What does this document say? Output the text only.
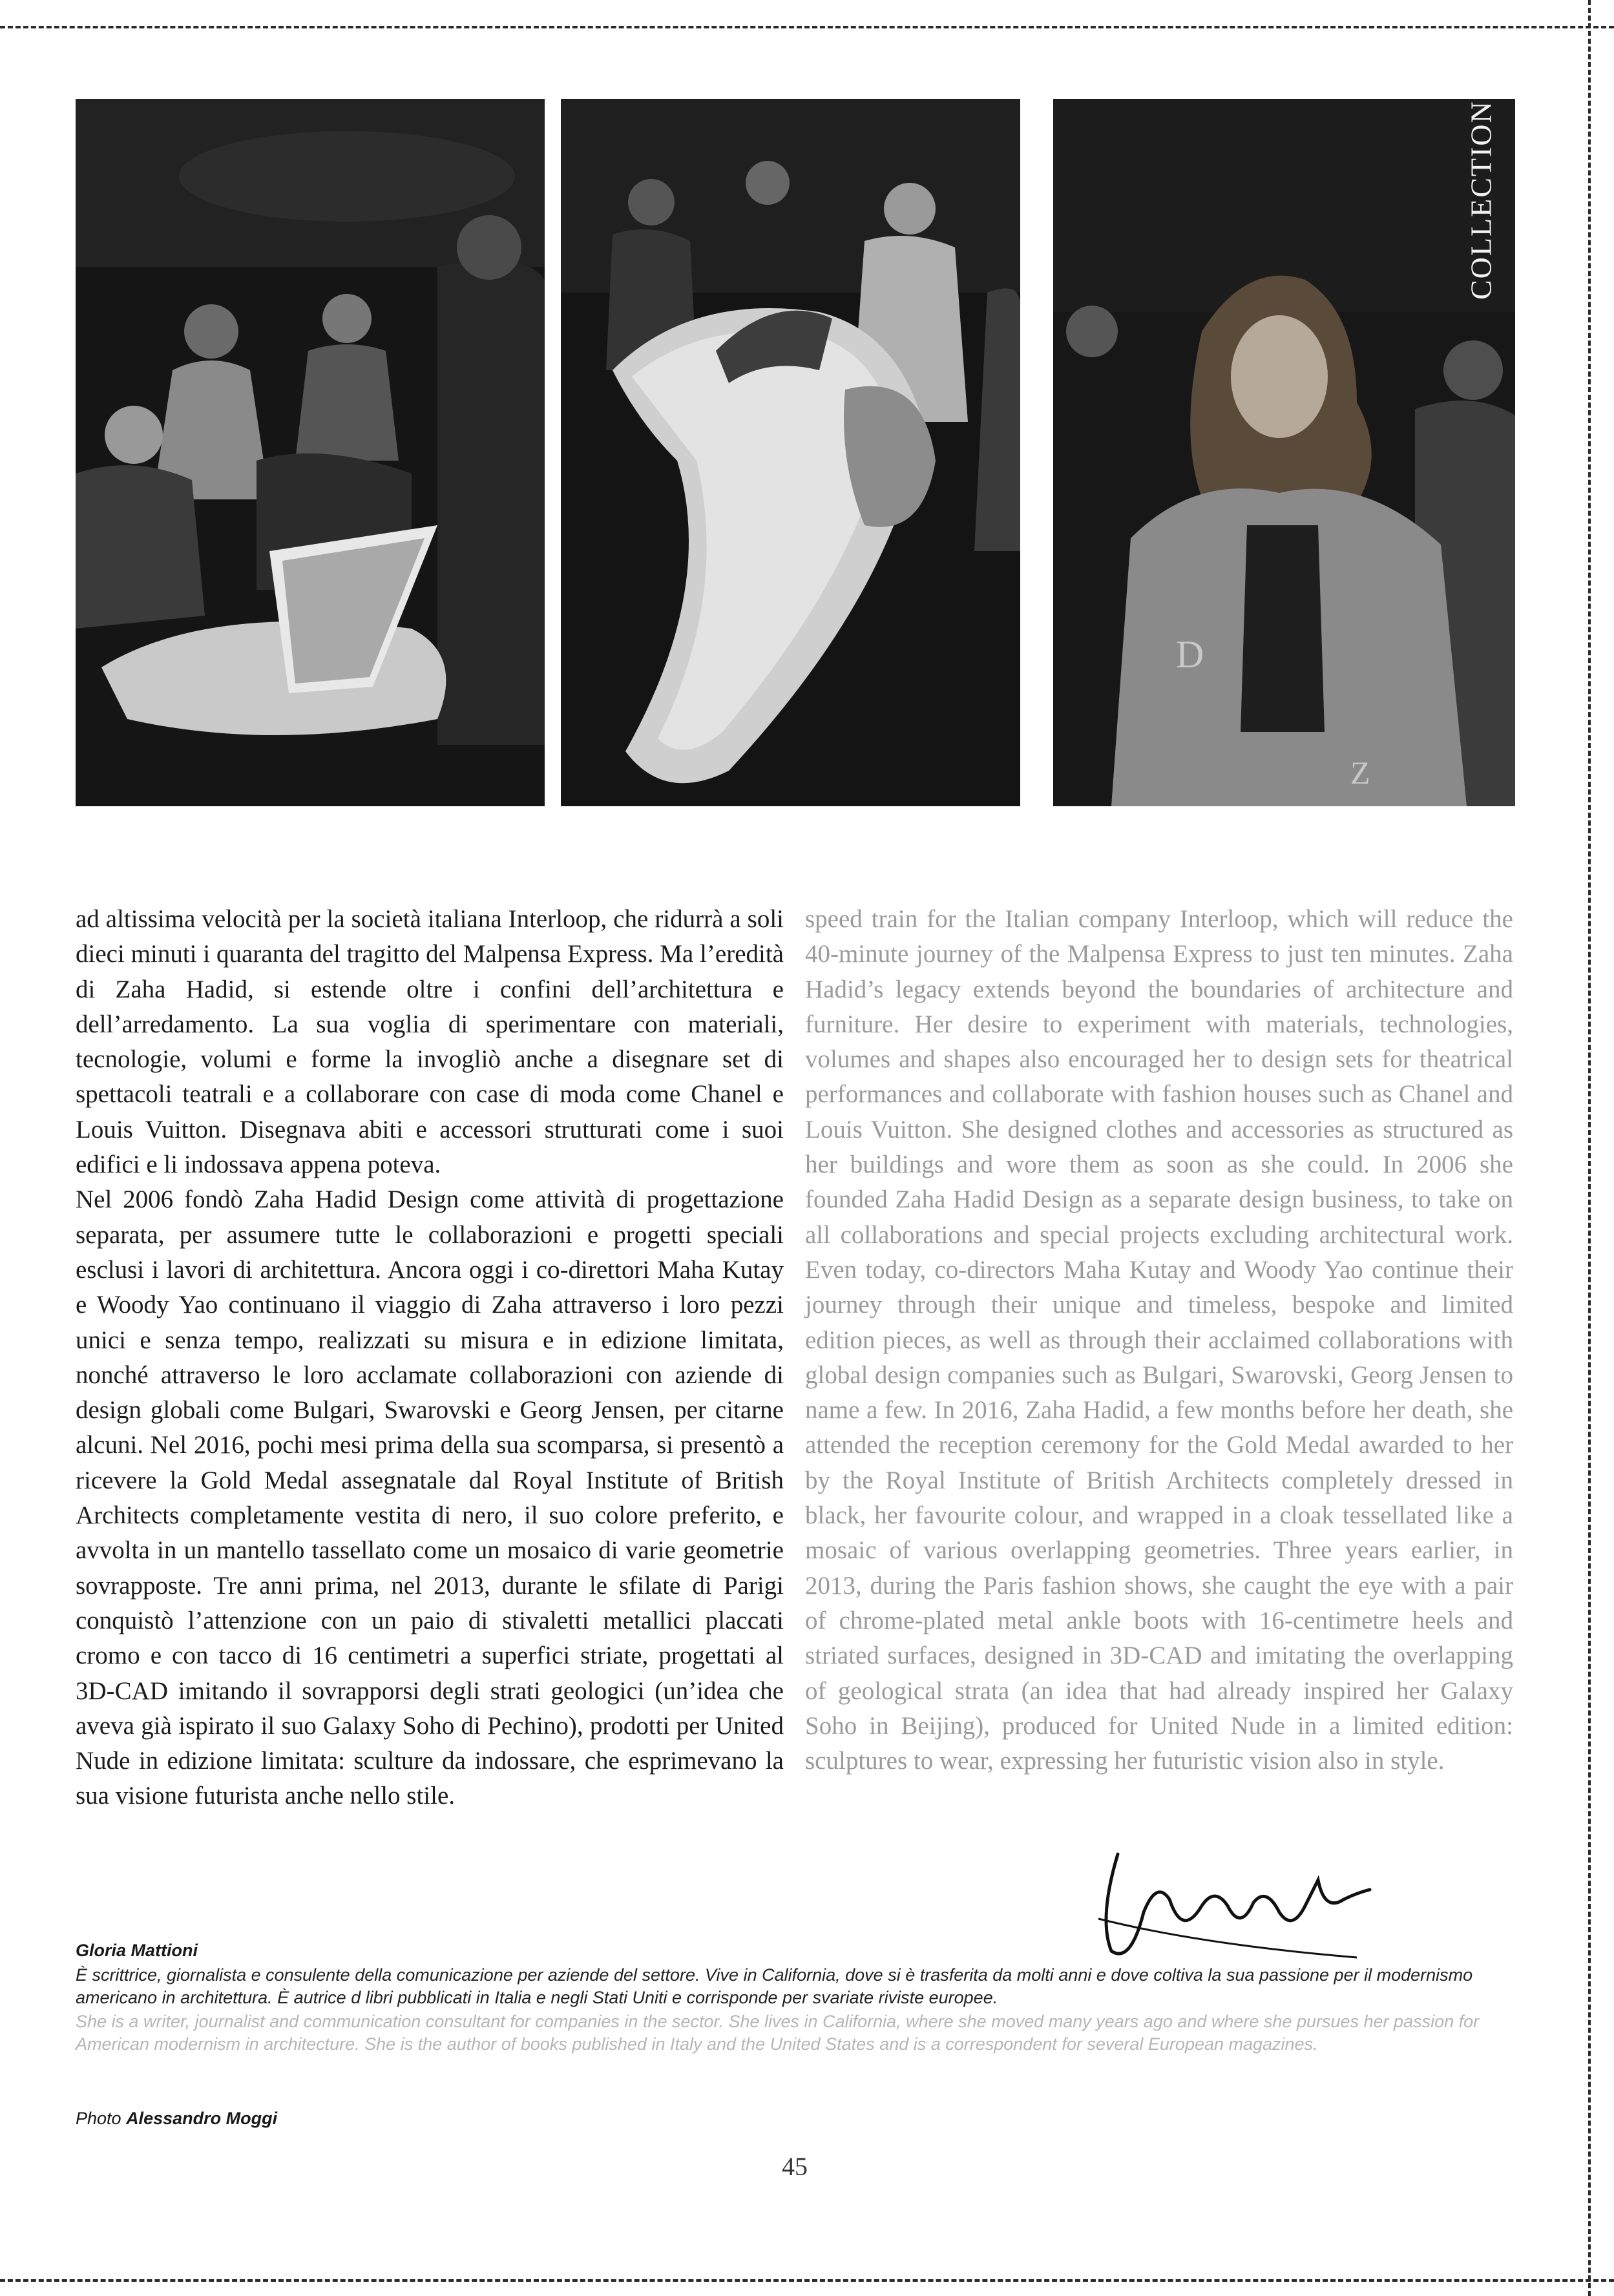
D
Z
COLLECTION

ad altissima velocità per la società italiana Interloop, che ridurrà a soli dieci minuti i quaranta del tragitto del Malpensa Express. Ma l’eredità di Zaha Hadid, si estende oltre i confini dell’architettura e dell’arredamento. La sua voglia di sperimentare con materiali, tecnologie, volumi e forme la invogliò anche a disegnare set di spettacoli teatrali e a collaborare con case di moda come Chanel e Louis Vuitton. Disegnava abiti e accessori strutturati come i suoi edifici e li indossava appena poteva.

Nel 2006 fondò Zaha Hadid Design come attività di progettazione separata, per assumere tutte le collaborazioni e progetti speciali esclusi i lavori di architettura. Ancora oggi i co-direttori Maha Kutay e Woody Yao continuano il viaggio di Zaha attraverso i loro pezzi unici e senza tempo, realizzati su misura e in edizione limitata, nonché attraverso le loro acclamate collaborazioni con aziende di design globali come Bulgari, Swarovski e Georg Jensen, per citarne alcuni. Nel 2016, pochi mesi prima della sua scomparsa, si presentò a ricevere la Gold Medal assegnatale dal Royal Institute of British Architects completamente vestita di nero, il suo colore preferito, e avvolta in un mantello tassellato come un mosaico di varie geometrie sovrapposte. Tre anni prima, nel 2013, durante le sfilate di Parigi conquistò l’attenzione con un paio di stivaletti metallici placcati cromo e con tacco di 16 centimetri a superfici striate, progettati al 3D-CAD imitando il sovrapporsi degli strati geologici (un’idea che aveva già ispirato il suo Galaxy Soho di Pechino), prodotti per United Nude in edizione limitata: sculture da indossare, che esprimevano la sua visione futurista anche nello stile.

speed train for the Italian company Interloop, which will reduce the 40-minute journey of the Malpensa Express to just ten minutes. Zaha Hadid’s legacy extends beyond the boundaries of architecture and furniture. Her desire to experiment with materials, technologies, volumes and shapes also encouraged her to design sets for theatrical performances and collaborate with fashion houses such as Chanel and Louis Vuitton. She designed clothes and accessories as structured as her buildings and wore them as soon as she could. In 2006 she founded Zaha Hadid Design as a separate design business, to take on all collaborations and special projects excluding architectural work. Even today, co-directors Maha Kutay and Woody Yao continue their journey through their unique and timeless, bespoke and limited edition pieces, as well as through their acclaimed collaborations with global design companies such as Bulgari, Swarovski, Georg Jensen to name a few. In 2016, Zaha Hadid, a few months before her death, she attended the reception ceremony for the Gold Medal awarded to her by the Royal Institute of British Architects completely dressed in black, her favourite colour, and wrapped in a cloak tessellated like a mosaic of various overlapping geometries. Three years earlier, in 2013, during the Paris fashion shows, she caught the eye with a pair of chrome-plated metal ankle boots with 16-centimetre heels and striated surfaces, designed in 3D-CAD and imitating the overlapping of geological strata (an idea that had already inspired her Galaxy Soho in Beijing), produced for United Nude in a limited edition: sculptures to wear, expressing her futuristic vision also in style.

Gloria Mattioni
È scrittrice, giornalista e consulente della comunicazione per aziende del settore. Vive in California, dove si è trasferita da molti anni e dove coltiva la sua passione per il modernismo americano in architettura. È autrice d libri pubblicati in Italia e negli Stati Uniti e corrisponde per svariate riviste europee.
She is a writer, journalist and communication consultant for companies in the sector. She lives in California, where she moved many years ago and where she pursues her passion for American modernism in architecture. She is the author of books published in Italy and the United States and is a correspondent for several European magazines.
Photo Alessandro Moggi
45
